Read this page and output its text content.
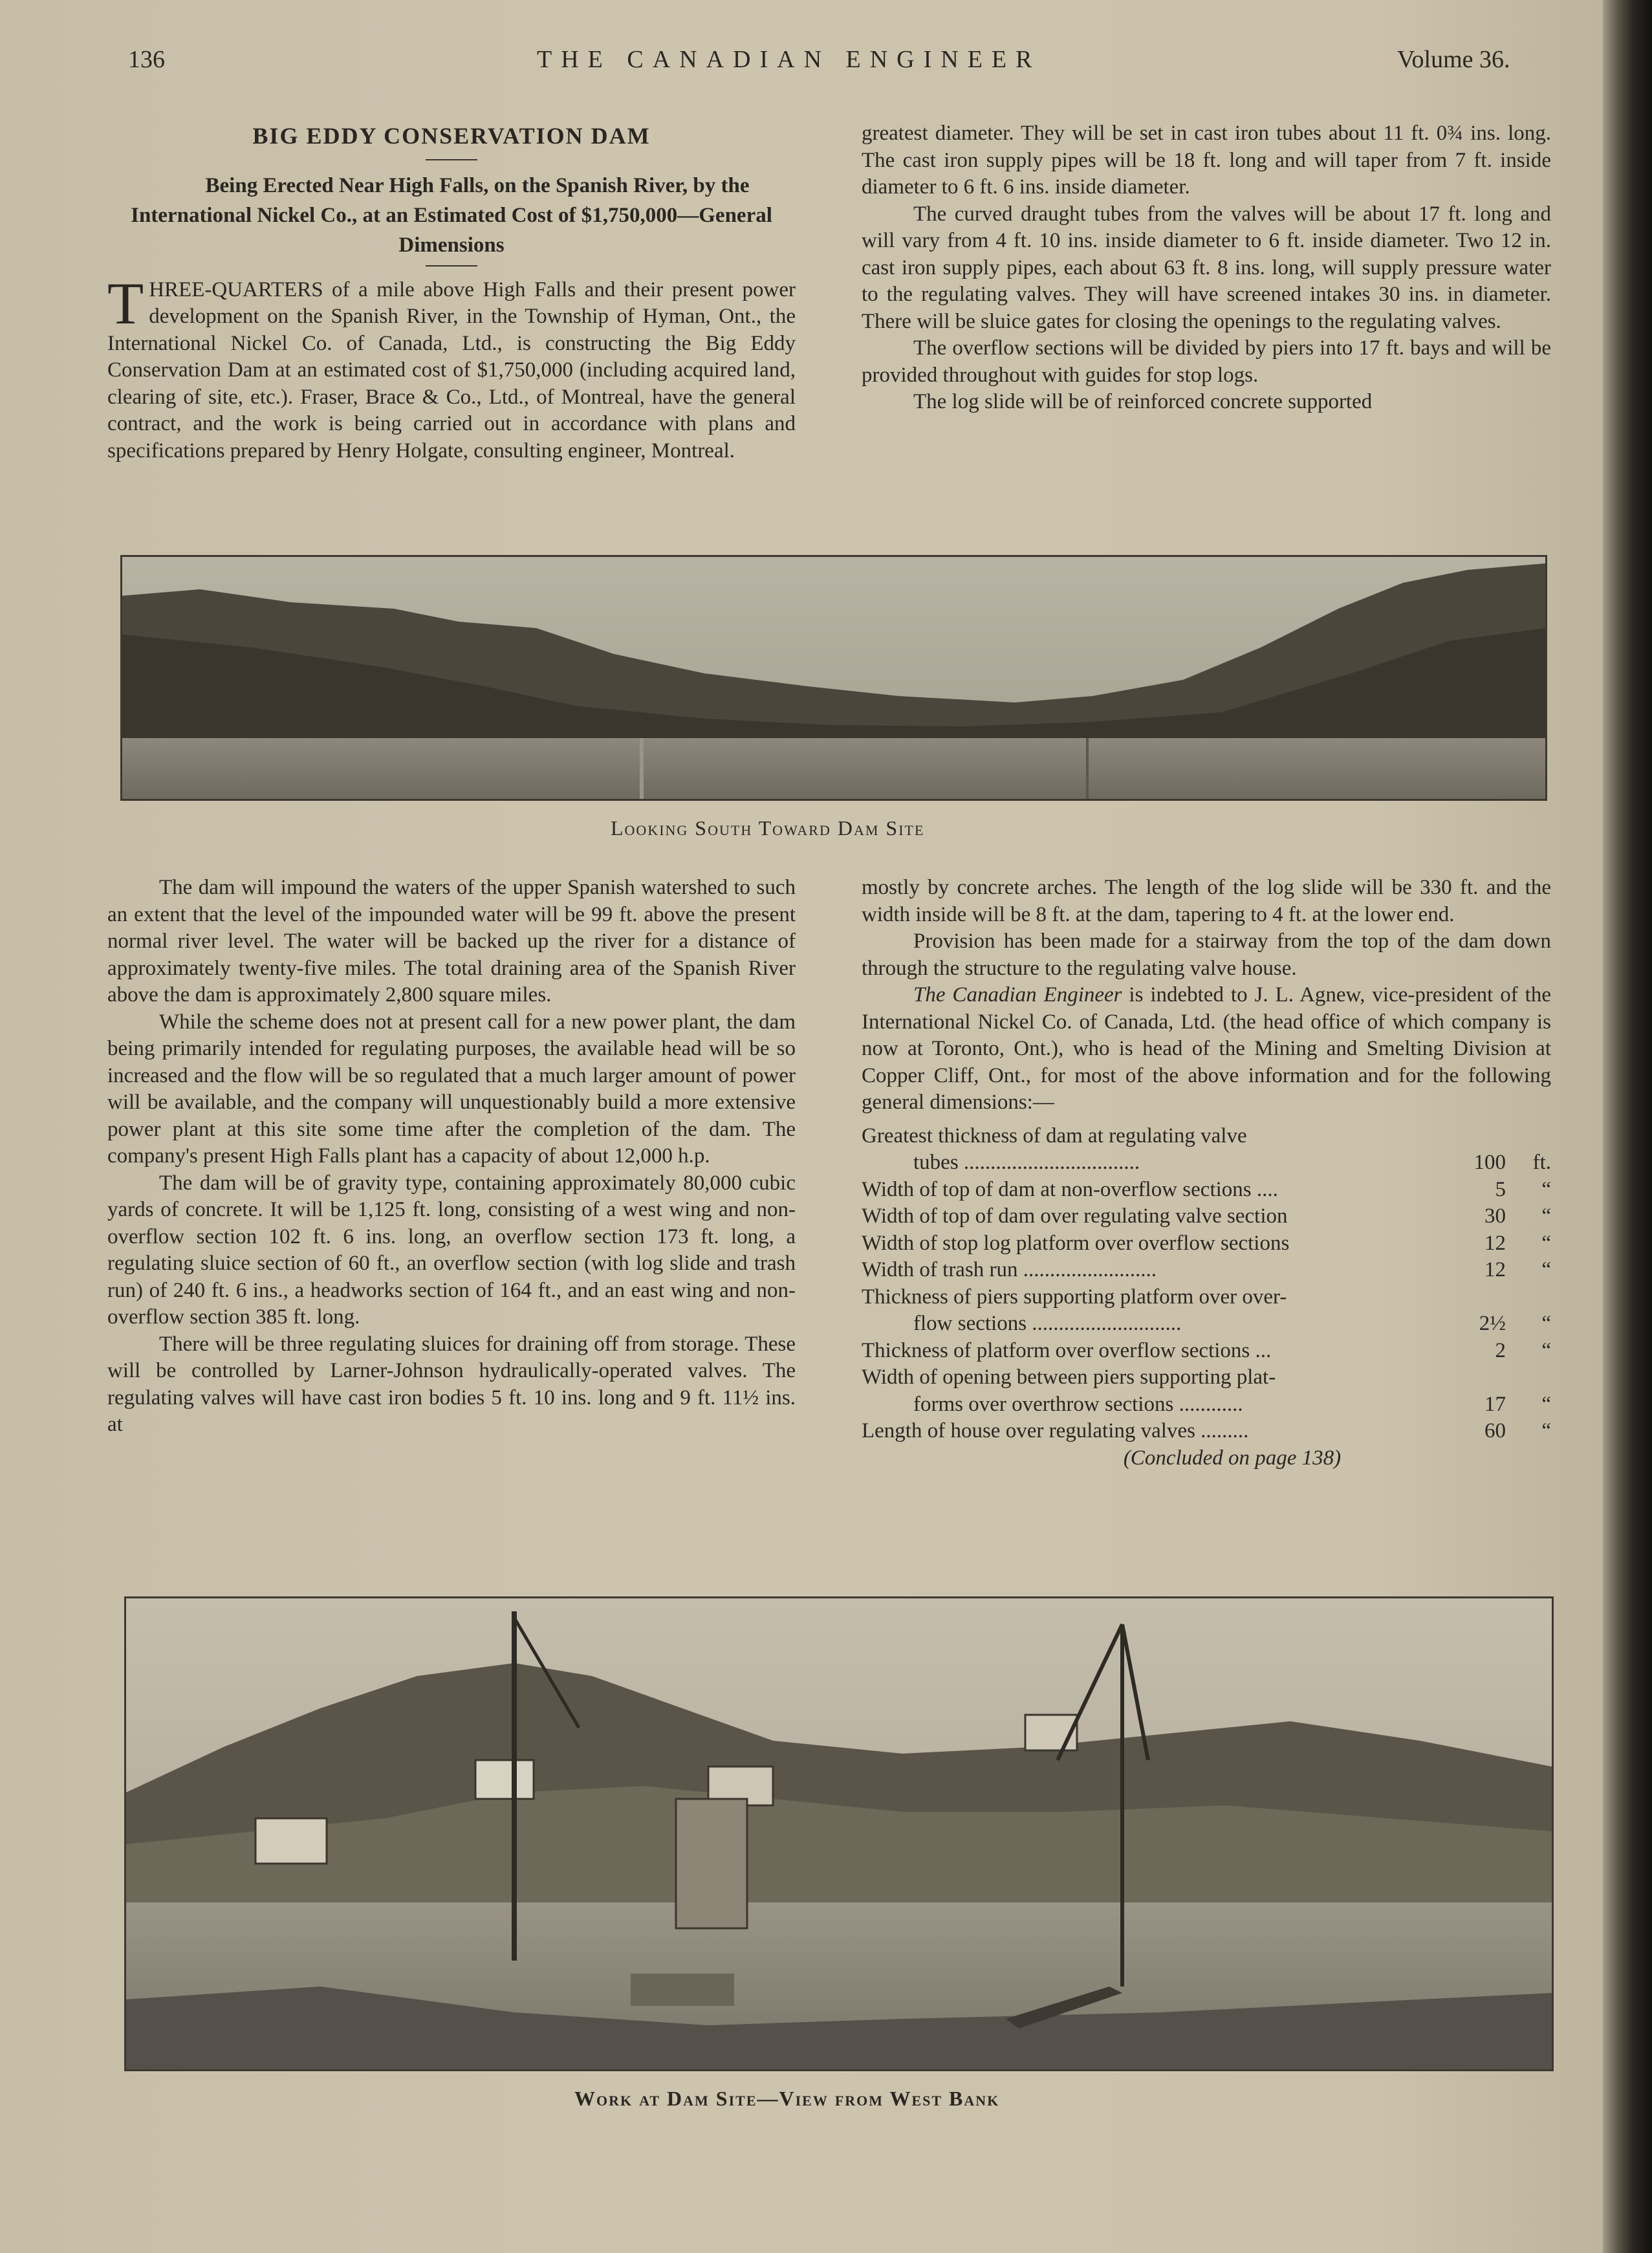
136	THE CANADIAN ENGINEER	Volume 36.
BIG EDDY CONSERVATION DAM

Being Erected Near High Falls, on the Spanish River, by the International Nickel Co., at an Estimated Cost of $1,750,000—General Dimensions

THREE-QUARTERS of a mile above High Falls and their present power development on the Spanish River, in the Township of Hyman, Ont., the International Nickel Co. of Canada, Ltd., is constructing the Big Eddy Conservation Dam at an estimated cost of $1,750,000 (including acquired land, clearing of site, etc.). Fraser, Brace & Co., Ltd., of Montreal, have the general contract, and the work is being carried out in accordance with plans and specifications prepared by Henry Holgate, consulting engineer, Montreal.

greatest diameter. They will be set in cast iron tubes about 11 ft. 0¾ ins. long. The cast iron supply pipes will be 18 ft. long and will taper from 7 ft. inside diameter to 6 ft. 6 ins. inside diameter.

The curved draught tubes from the valves will be about 17 ft. long and will vary from 4 ft. 10 ins. inside diameter to 6 ft. inside diameter. Two 12 in. cast iron supply pipes, each about 63 ft. 8 ins. long, will supply pressure water to the regulating valves. They will have screened intakes 30 ins. in diameter. There will be sluice gates for closing the openings to the regulating valves.

The overflow sections will be divided by piers into 17 ft. bays and will be provided throughout with guides for stop logs.

The log slide will be of reinforced concrete supported

Looking South Toward Dam Site

The dam will impound the waters of the upper Spanish watershed to such an extent that the level of the impounded water will be 99 ft. above the present normal river level. The water will be backed up the river for a distance of approximately twenty-five miles. The total draining area of the Spanish River above the dam is approximately 2,800 square miles.

While the scheme does not at present call for a new power plant, the dam being primarily intended for regulating purposes, the available head will be so increased and the flow will be so regulated that a much larger amount of power will be available, and the company will unquestionably build a more extensive power plant at this site some time after the completion of the dam. The company's present High Falls plant has a capacity of about 12,000 h.p.

The dam will be of gravity type, containing approximately 80,000 cubic yards of concrete. It will be 1,125 ft. long, consisting of a west wing and non-overflow section 102 ft. 6 ins. long, an overflow section 173 ft. long, a regulating sluice section of 60 ft., an overflow section (with log slide and trash run) of 240 ft. 6 ins., a headworks section of 164 ft., and an east wing and non-overflow section 385 ft. long.

There will be three regulating sluices for draining off from storage. These will be controlled by Larner-Johnson hydraulically-operated valves. The regulating valves will have cast iron bodies 5 ft. 10 ins. long and 9 ft. 11½ ins. at

mostly by concrete arches. The length of the log slide will be 330 ft. and the width inside will be 8 ft. at the dam, tapering to 4 ft. at the lower end.

Provision has been made for a stairway from the top of the dam down through the structure to the regulating valve house.

The Canadian Engineer is indebted to J. L. Agnew, vice-president of the International Nickel Co. of Canada, Ltd. (the head office of which company is now at Toronto, Ont.), who is head of the Mining and Smelting Division at Copper Cliff, Ont., for most of the above information and for the following general dimensions:—

Greatest thickness of dam at regulating valve
tubes .................................	100	ft.
Width of top of dam at non-overflow sections ....	5	“
Width of top of dam over regulating valve section	30	“
Width of stop log platform over overflow sections	12	“
Width of trash run .........................	12	“
Thickness of piers supporting platform over over-
flow sections ............................	2½	“
Thickness of platform over overflow sections ...	2	“
Width of opening between piers supporting plat-
forms over overthrow sections ............	17	“
Length of house over regulating valves .........	60	“

(Concluded on page 138)

Work at Dam Site—View from West Bank
